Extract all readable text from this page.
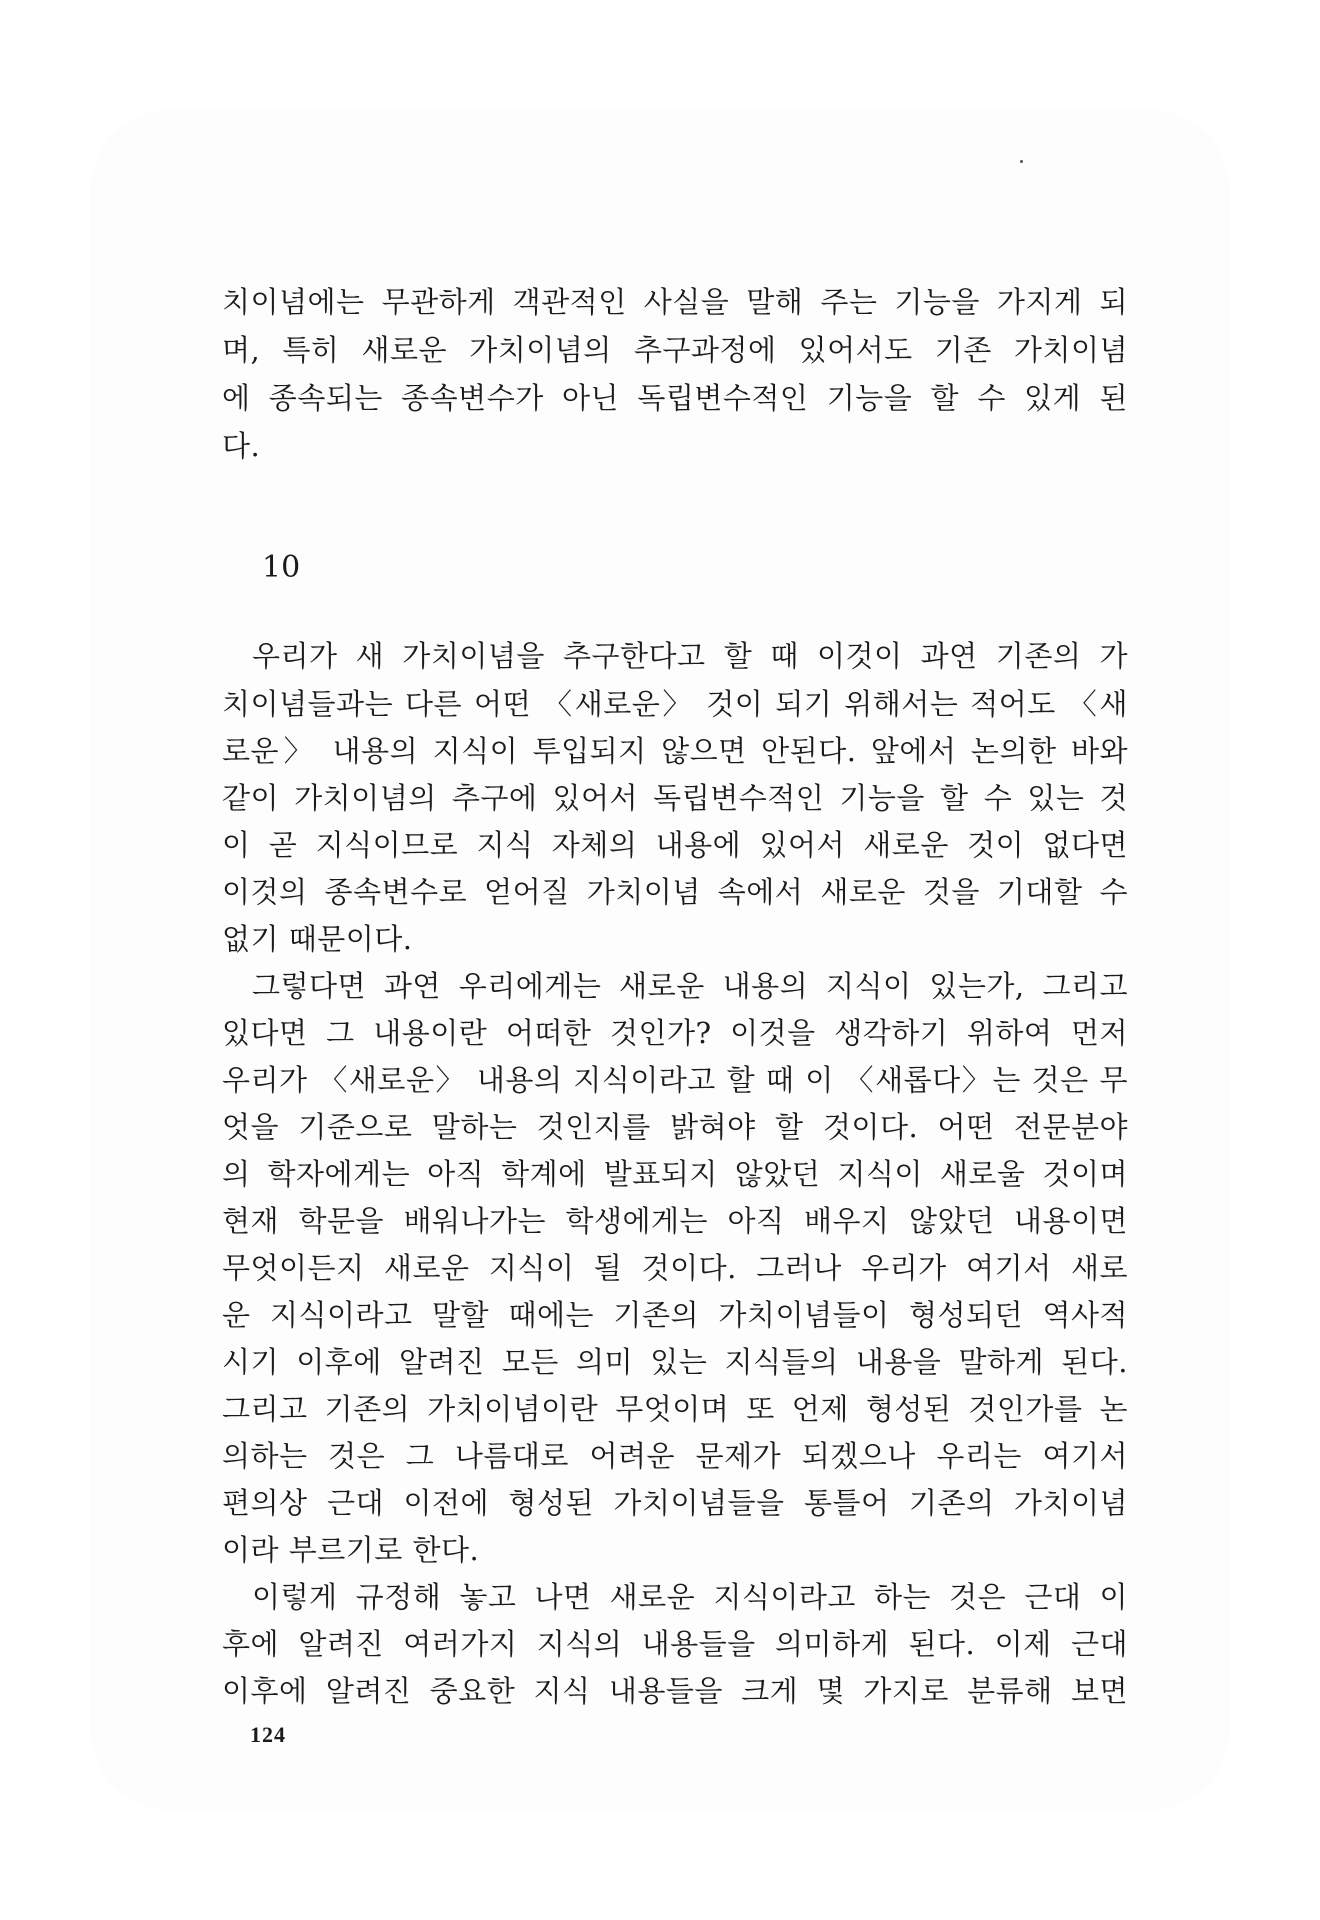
치이념에는 무관하게 객관적인 사실을 말해 주는 기능을 가지게 되
며, 특히 새로운 가치이념의 추구과정에 있어서도 기존 가치이념
에 종속되는 종속변수가 아닌 독립변수적인 기능을 할 수 있게 된
다.
10
우리가 새 가치이념을 추구한다고 할 때 이것이 과연 기존의 가
치이념들과는 다른 어떤 〈새로운〉 것이 되기 위해서는 적어도 〈새
로운〉 내용의 지식이 투입되지 않으면 안된다. 앞에서 논의한 바와
같이 가치이념의 추구에 있어서 독립변수적인 기능을 할 수 있는 것
이 곧 지식이므로 지식 자체의 내용에 있어서 새로운 것이 없다면
이것의 종속변수로 얻어질 가치이념 속에서 새로운 것을 기대할 수
없기 때문이다.
그렇다면 과연 우리에게는 새로운 내용의 지식이 있는가, 그리고
있다면 그 내용이란 어떠한 것인가? 이것을 생각하기 위하여 먼저
우리가 〈새로운〉 내용의 지식이라고 할 때 이 〈새롭다〉는 것은 무
엇을 기준으로 말하는 것인지를 밝혀야 할 것이다. 어떤 전문분야
의 학자에게는 아직 학계에 발표되지 않았던 지식이 새로울 것이며
현재 학문을 배워나가는 학생에게는 아직 배우지 않았던 내용이면
무엇이든지 새로운 지식이 될 것이다. 그러나 우리가 여기서 새로
운 지식이라고 말할 때에는 기존의 가치이념들이 형성되던 역사적
시기 이후에 알려진 모든 의미 있는 지식들의 내용을 말하게 된다.
그리고 기존의 가치이념이란 무엇이며 또 언제 형성된 것인가를 논
의하는 것은 그 나름대로 어려운 문제가 되겠으나 우리는 여기서
편의상 근대 이전에 형성된 가치이념들을 통틀어 기존의 가치이념
이라 부르기로 한다.
이렇게 규정해 놓고 나면 새로운 지식이라고 하는 것은 근대 이
후에 알려진 여러가지 지식의 내용들을 의미하게 된다. 이제 근대
이후에 알려진 중요한 지식 내용들을 크게 몇 가지로 분류해 보면
124
